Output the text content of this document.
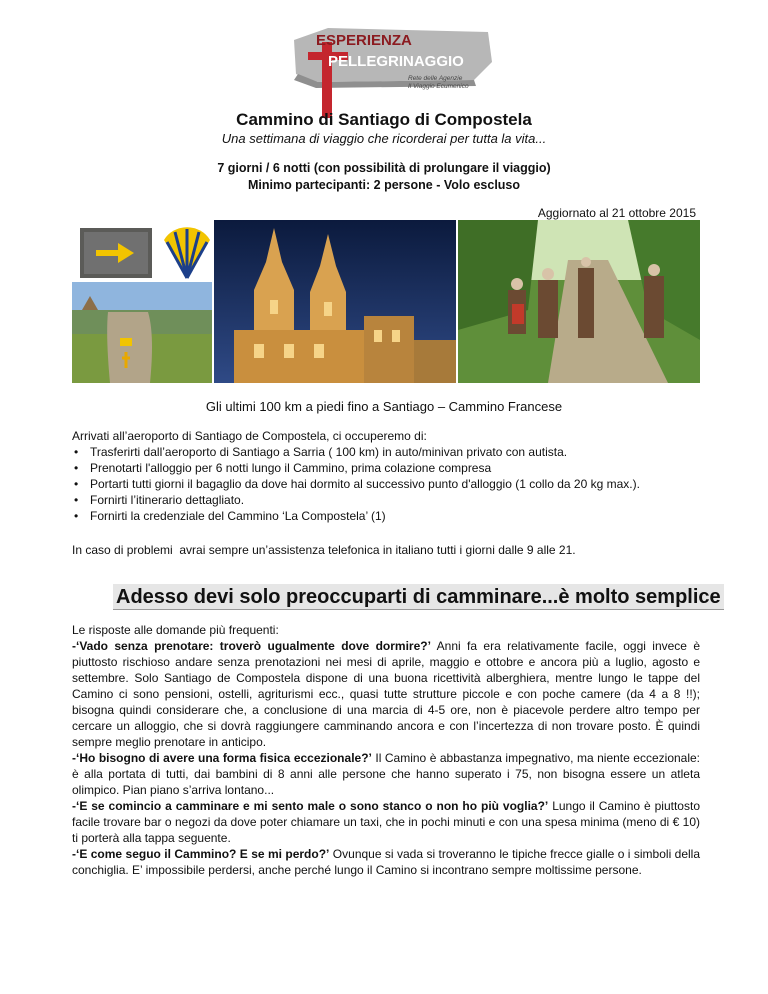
ESPERIENZA
PELLEGRINAGGIO
Rete delle Agenzie
Il Viaggio Ecumenico
Cammino di Santiago di Compostela
Una settimana di viaggio che ricorderai per tutta la vita...
7 giorni / 6 notti (con possibilità di prolungare il viaggio)
Minimo partecipanti: 2 persone - Volo escluso
Aggiornato al 21 ottobre 2015
Gli ultimi 100 km a piedi fino a Santiago – Cammino Francese
Arrivati all’aeroporto di Santiago de Compostela, ci occuperemo di:
• Trasferirti dall’aeroporto di Santiago a Sarria ( 100 km) in auto/minivan privato con autista.
• Prenotarti l'alloggio per 6 notti lungo il Cammino, prima colazione compresa
• Portarti tutti giorni il bagaglio da dove hai dormito al successivo punto d'alloggio (1 collo da 20 kg max.).
• Fornirti l’itinerario dettagliato.
• Fornirti la credenziale del Cammino ‘La Compostela’ (1)
In caso di problemi  avrai sempre un’assistenza telefonica in italiano tutti i giorni dalle 9 alle 21.
Adesso devi solo preoccuparti di camminare...è molto semplice

Le risposte alle domande più frequenti:

-‘Vado senza prenotare: troverò ugualmente dove dormire?’ Anni fa era relativamente facile, oggi invece è piuttosto rischioso andare senza prenotazioni nei mesi di aprile, maggio e ottobre e ancora più a luglio, agosto e settembre. Solo Santiago de Compostela dispone di una buona ricettività alberghiera, mentre lungo le tappe del Camino ci sono pensioni, ostelli, agriturismi ecc., quasi tutte strutture piccole e con poche camere (da 4 a 8 !!); bisogna quindi considerare che, a conclusione di una marcia di 4-5 ore, non è piacevole perdere altro tempo per cercare un alloggio, che si dovrà raggiungere camminando ancora e con l’incertezza di non trovare posto. È quindi sempre meglio prenotare in anticipo.

-‘Ho bisogno di avere una forma fisica eccezionale?’ Il Camino è abbastanza impegnativo, ma niente eccezionale: è alla portata di tutti, dai bambini di 8 anni alle persone che hanno superato i 75, non bisogna essere un atleta olimpico. Pian piano s’arriva lontano...

-‘E se comincio a camminare e mi sento male o sono stanco o non ho più voglia?’ Lungo il Camino è piuttosto facile trovare bar o negozi da dove poter chiamare un taxi, che in pochi minuti e con una spesa minima (meno di € 10) ti porterà alla tappa seguente.

-‘E come seguo il Cammino? E se mi perdo?’ Ovunque si vada si troveranno le tipiche frecce gialle o i simboli della conchiglia. E’ impossibile perdersi, anche perché lungo il Camino si incontrano sempre moltissime persone.
